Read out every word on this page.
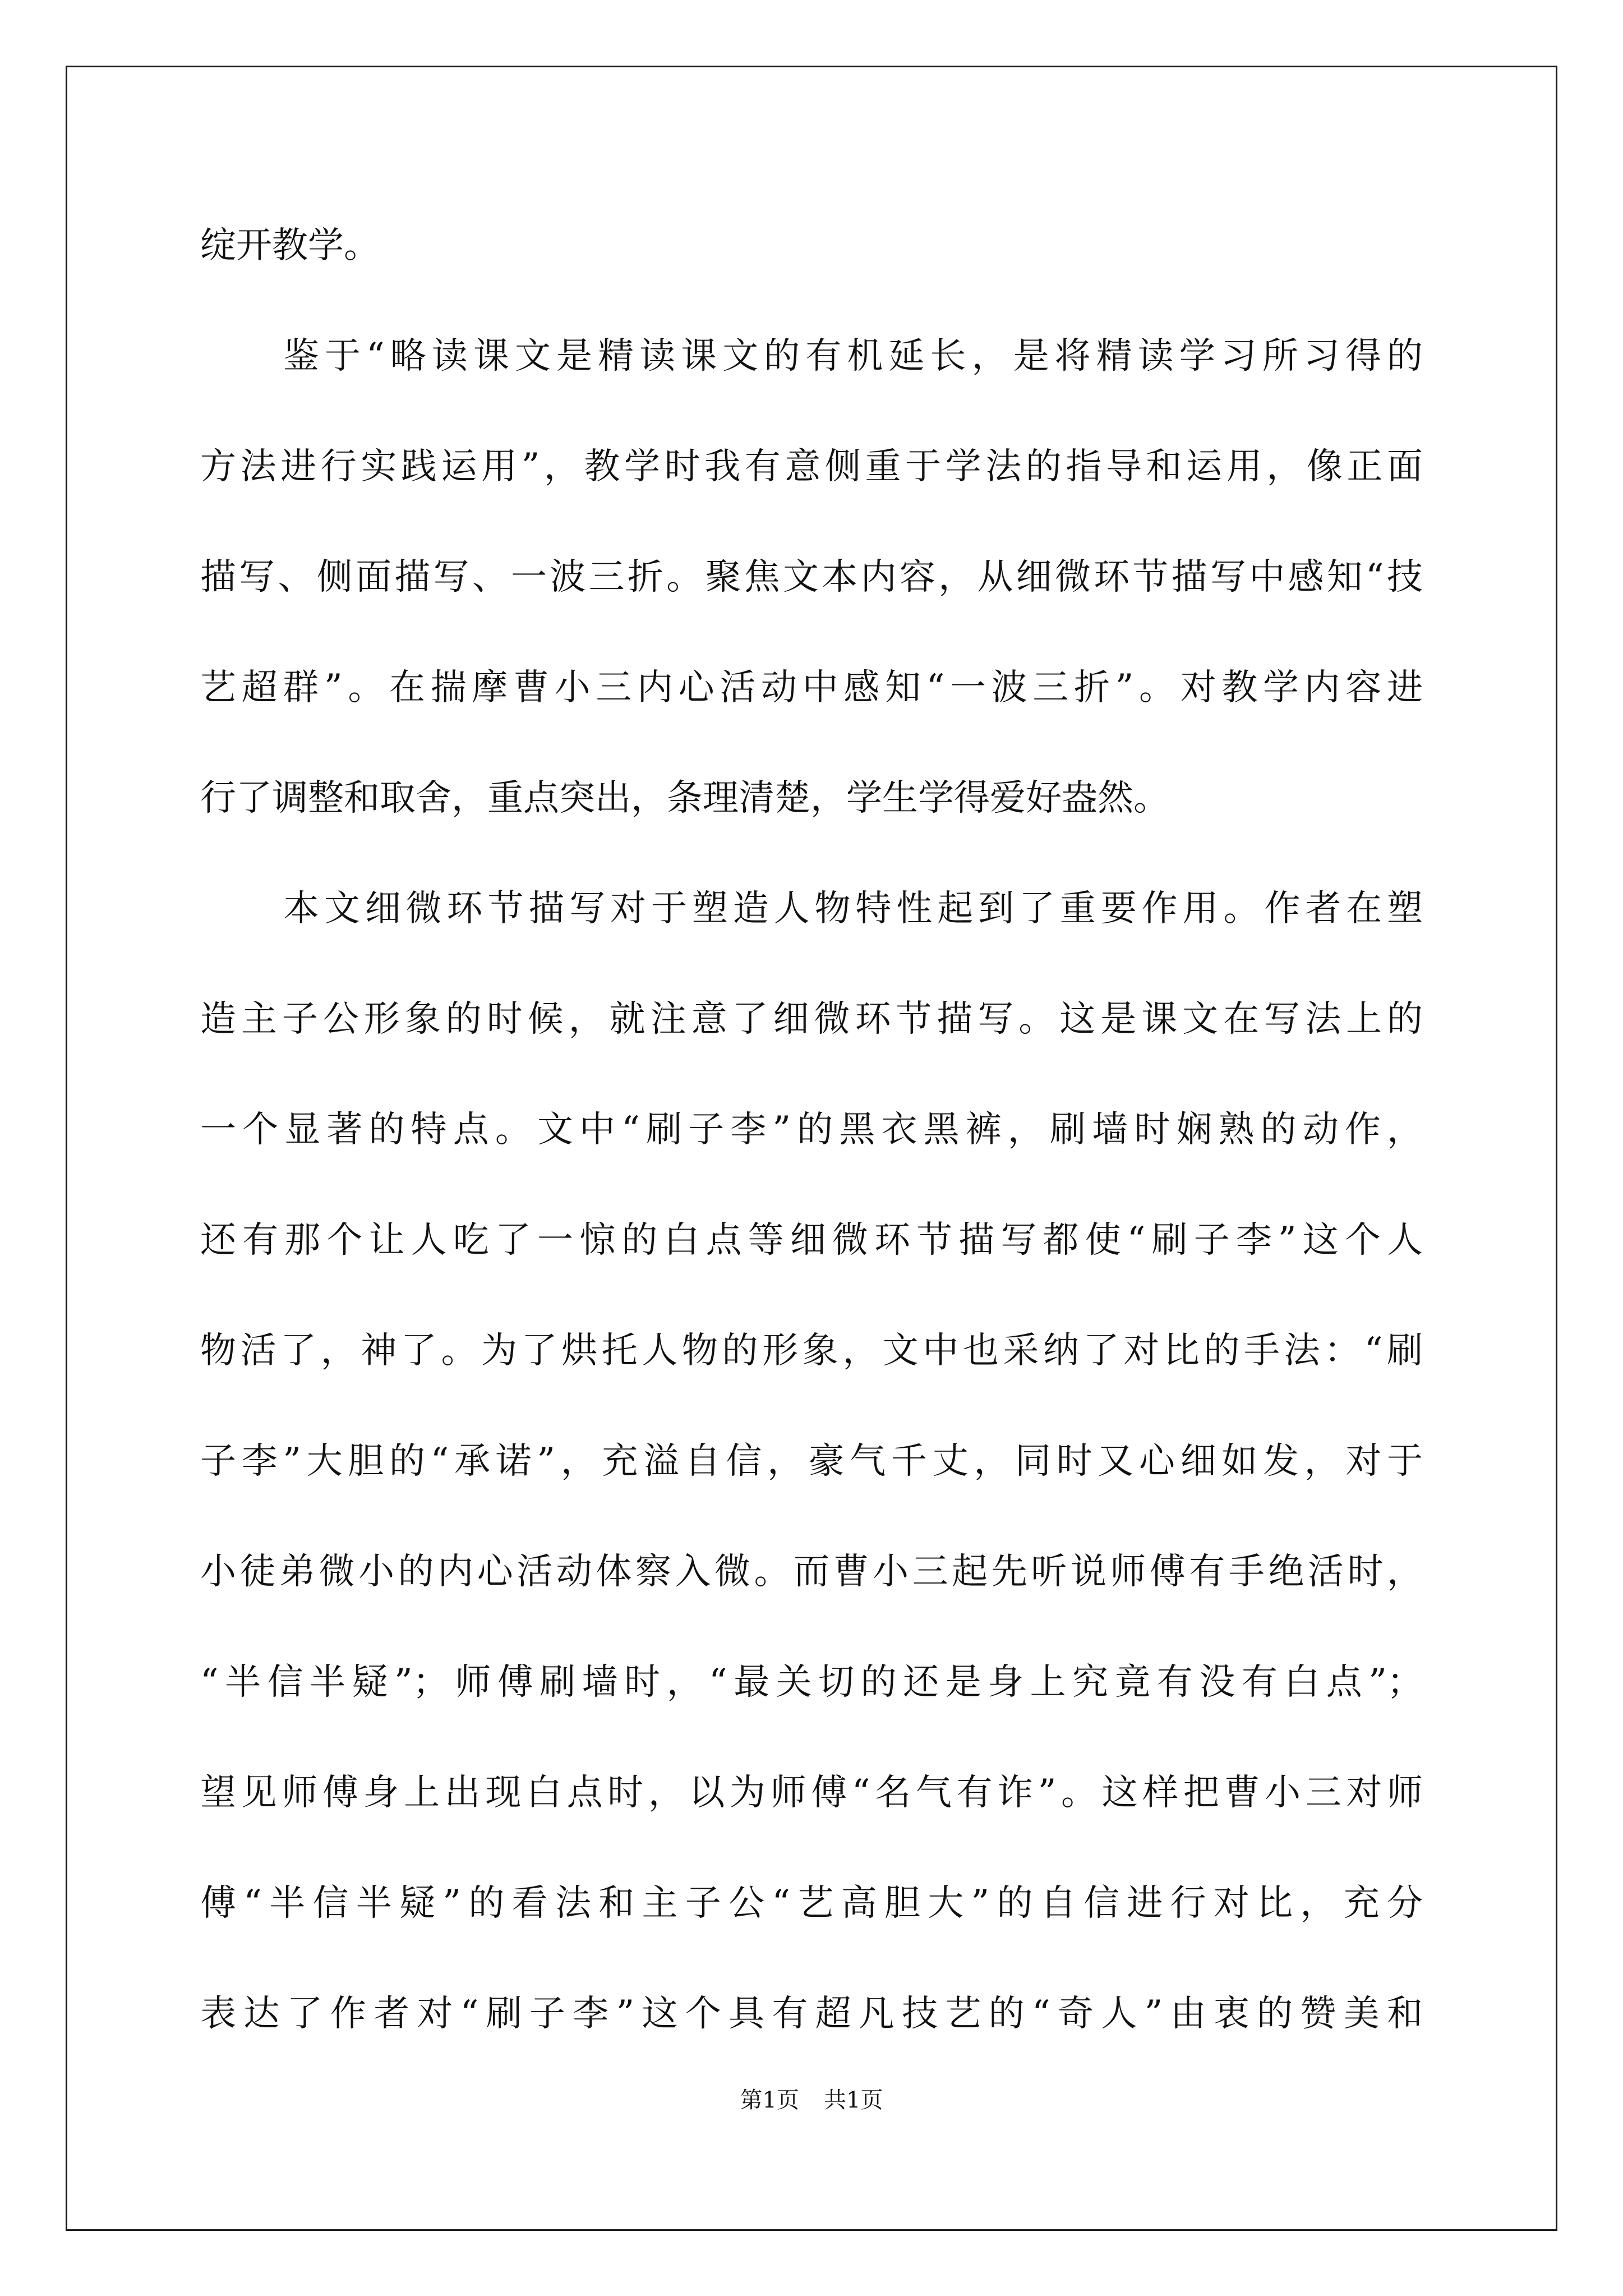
绽开教学。
鉴于“略读课文是精读课文的有机延长，是将精读学习所习得的
方法进行实践运用”，教学时我有意侧重于学法的指导和运用，像正面
描写、侧面描写、一波三折。聚焦文本内容，从细微环节描写中感知“技
艺超群”。在揣摩曹小三内心活动中感知“一波三折”。对教学内容进
行了调整和取舍，重点突出，条理清楚，学生学得爱好盎然。
本文细微环节描写对于塑造人物特性起到了重要作用。作者在塑
造主子公形象的时候，就注意了细微环节描写。这是课文在写法上的
一个显著的特点。文中“刷子李”的黑衣黑裤，刷墙时娴熟的动作，
还有那个让人吃了一惊的白点等细微环节描写都使“刷子李”这个人
物活了，神了。为了烘托人物的形象，文中也采纳了对比的手法：“刷
子李”大胆的“承诺”，充溢自信，豪气千丈，同时又心细如发，对于
小徒弟微小的内心活动体察入微。而曹小三起先听说师傅有手绝活时，
“半信半疑”；师傅刷墙时，“最关切的还是身上究竟有没有白点”；
望见师傅身上出现白点时，以为师傅“名气有诈”。这样把曹小三对师
傅“半信半疑”的看法和主子公“艺高胆大”的自信进行对比，充分
表达了作者对“刷子李”这个具有超凡技艺的“奇人”由衷的赞美和
第1页 共1页
